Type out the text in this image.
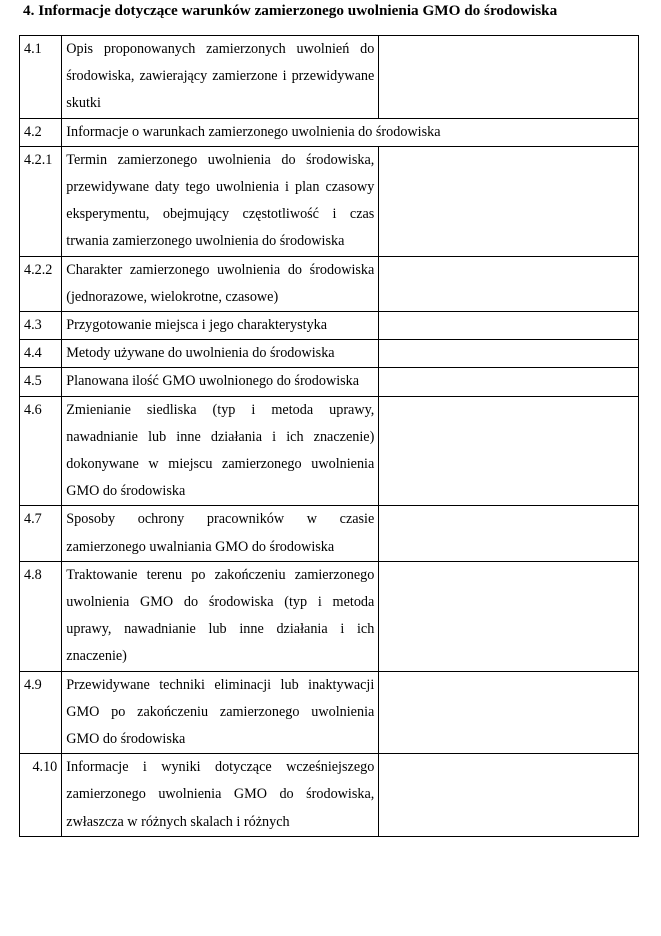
4. Informacje dotyczące warunków zamierzonego uwolnienia GMO do środowiska
4.1	Opis proponowanych zamierzonych uwolnień do środowiska, zawierający zamierzone i przewidywane skutki	
4.2	Informacje o warunkach zamierzonego uwolnienia do środowiska	
4.2.1	Termin zamierzonego uwolnienia do środowiska, przewidywane daty tego uwolnienia i plan czasowy eksperymentu, obejmujący częstotliwość i czas trwania zamierzonego uwolnienia do środowiska	
4.2.2	Charakter zamierzonego uwolnienia do środowiska (jednorazowe, wielokrotne, czasowe)	
4.3	Przygotowanie miejsca i jego charakterystyka	
4.4	Metody używane do uwolnienia do środowiska	
4.5	Planowana ilość GMO uwolnionego do środowiska	
4.6	Zmienianie siedliska (typ i metoda uprawy, nawadnianie lub inne działania i ich znaczenie) dokonywane w miejscu zamierzonego uwolnienia GMO do środowiska	
4.7	Sposoby ochrony pracowników w czasie zamierzonego uwalniania GMO do środowiska	
4.8	Traktowanie terenu po zakończeniu zamierzonego uwolnienia GMO do środowiska (typ i metoda uprawy, nawadnianie lub inne działania i ich znaczenie)	
4.9	Przewidywane techniki eliminacji lub inaktywacji GMO po zakończeniu zamierzonego uwolnienia GMO do środowiska	
4.10	Informacje i wyniki dotyczące wcześniejszego zamierzonego uwolnienia GMO do środowiska, zwłaszcza w różnych skalach i różnych	
